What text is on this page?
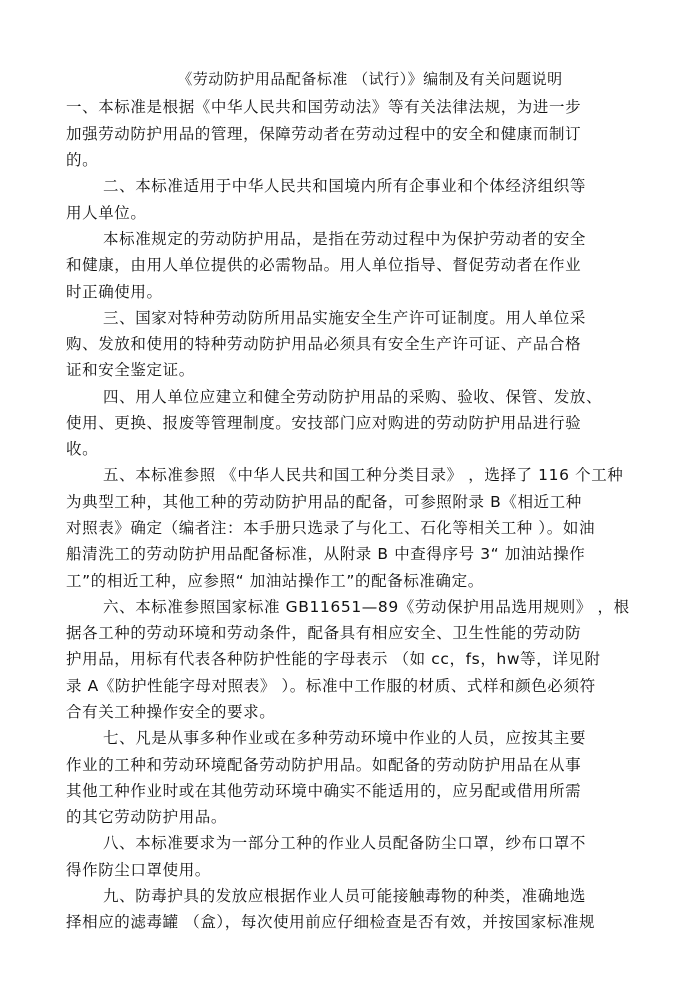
《劳动防护用品配备标准 （试行）》编制及有关问题说明
一、本标准是根据《中华人民共和国劳动法》等有关法律法规，为进一步
加强劳动防护用品的管理，保障劳动者在劳动过程中的安全和健康而制订
的。
二、本标准适用于中华人民共和国境内所有企事业和个体经济组织等
用人单位。
本标准规定的劳动防护用品，是指在劳动过程中为保护劳动者的安全
和健康，由用人单位提供的必需物品。用人单位指导、督促劳动者在作业
时正确使用。
三、国家对特种劳动防所用品实施安全生产许可证制度。用人单位采
购、发放和使用的特种劳动防护用品必须具有安全生产许可证、产品合格
证和安全鉴定证。
四、用人单位应建立和健全劳动防护用品的采购、验收、保管、发放、
使用、更换、报废等管理制度。安技部门应对购进的劳动防护用品进行验
收。
五、本标准参照 《中华人民共和国工种分类目录》 ，选择了 116 个工种
为典型工种，其他工种的劳动防护用品的配备，可参照附录 B《相近工种
对照表》确定（编者注：本手册只选录了与化工、石化等相关工种 ）。如油
船清洗工的劳动防护用品配备标准，从附录 B 中查得序号 3“ 加油站操作
工”的相近工种，应参照“ 加油站操作工”的配备标准确定。
六、本标准参照国家标准 GB11651—89《劳动保护用品选用规则》 ，根
据各工种的劳动环境和劳动条件，配备具有相应安全、卫生性能的劳动防
护用品，用标有代表各种防护性能的字母表示 （如 cc，fs，hw等，详见附
录 A《防护性能字母对照表》 ）。标准中工作服的材质、式样和颜色必须符
合有关工种操作安全的要求。
七、凡是从事多种作业或在多种劳动环境中作业的人员，应按其主要
作业的工种和劳动环境配备劳动防护用品。如配备的劳动防护用品在从事
其他工种作业时或在其他劳动环境中确实不能适用的，应另配或借用所需
的其它劳动防护用品。
八、本标准要求为一部分工种的作业人员配备防尘口罩，纱布口罩不
得作防尘口罩使用。
九、防毒护具的发放应根据作业人员可能接触毒物的种类，准确地选
择相应的滤毒罐 （盒），每次使用前应仔细检查是否有效，并按国家标准规
